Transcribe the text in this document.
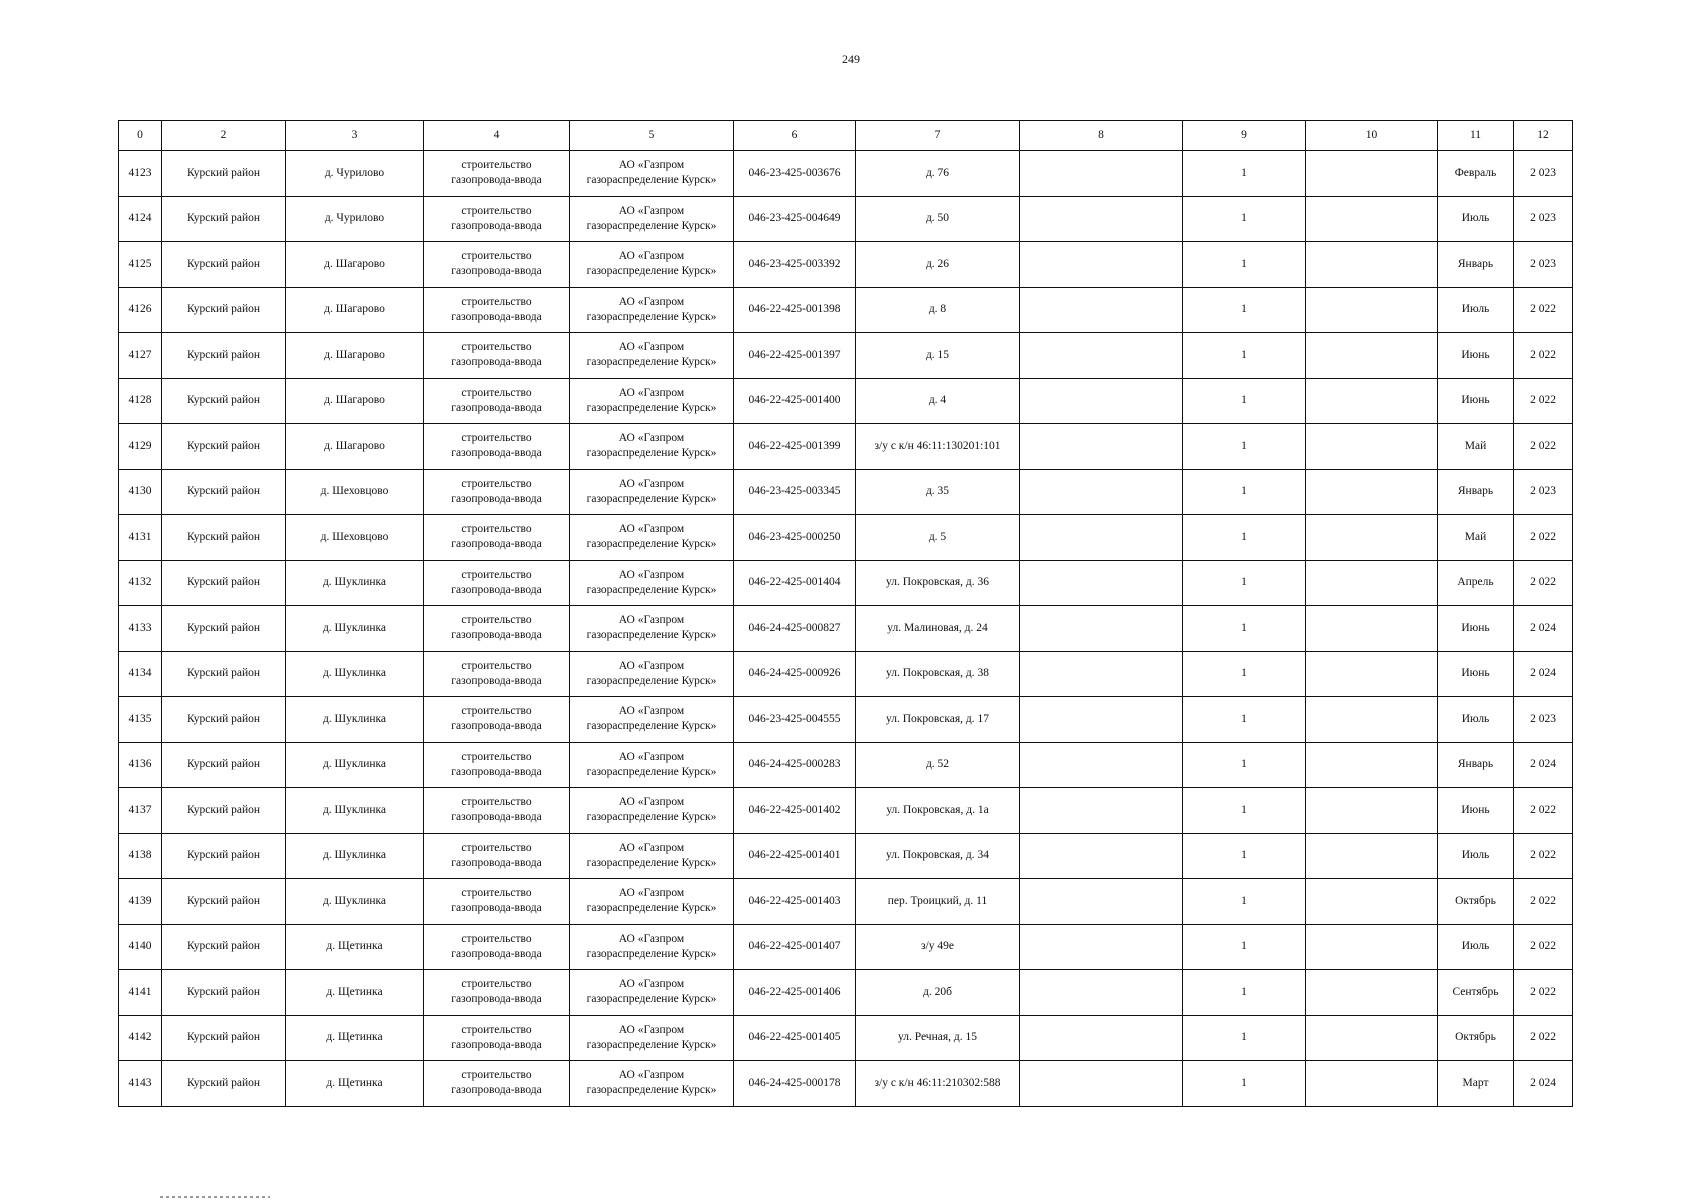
249
0	2	3	4	5	6	7	8	9	10	11	12
4123	Курский район	д. Чурилово	строительство
газопровода-ввода	АО «Газпром
газораспределение Курск»	046-23-425-003676	д. 76		1		Февраль	2 023
4124	Курский район	д. Чурилово	строительство
газопровода-ввода	АО «Газпром
газораспределение Курск»	046-23-425-004649	д. 50		1		Июль	2 023
4125	Курский район	д. Шагарово	строительство
газопровода-ввода	АО «Газпром
газораспределение Курск»	046-23-425-003392	д. 26		1		Январь	2 023
4126	Курский район	д. Шагарово	строительство
газопровода-ввода	АО «Газпром
газораспределение Курск»	046-22-425-001398	д. 8		1		Июль	2 022
4127	Курский район	д. Шагарово	строительство
газопровода-ввода	АО «Газпром
газораспределение Курск»	046-22-425-001397	д. 15		1		Июнь	2 022
4128	Курский район	д. Шагарово	строительство
газопровода-ввода	АО «Газпром
газораспределение Курск»	046-22-425-001400	д. 4		1		Июнь	2 022
4129	Курский район	д. Шагарово	строительство
газопровода-ввода	АО «Газпром
газораспределение Курск»	046-22-425-001399	з/у с к/н 46:11:130201:101		1		Май	2 022
4130	Курский район	д. Шеховцово	строительство
газопровода-ввода	АО «Газпром
газораспределение Курск»	046-23-425-003345	д. 35		1		Январь	2 023
4131	Курский район	д. Шеховцово	строительство
газопровода-ввода	АО «Газпром
газораспределение Курск»	046-23-425-000250	д. 5		1		Май	2 022
4132	Курский район	д. Шуклинка	строительство
газопровода-ввода	АО «Газпром
газораспределение Курск»	046-22-425-001404	ул. Покровская, д. 36		1		Апрель	2 022
4133	Курский район	д. Шуклинка	строительство
газопровода-ввода	АО «Газпром
газораспределение Курск»	046-24-425-000827	ул. Малиновая, д. 24		1		Июнь	2 024
4134	Курский район	д. Шуклинка	строительство
газопровода-ввода	АО «Газпром
газораспределение Курск»	046-24-425-000926	ул. Покровская, д. 38		1		Июнь	2 024
4135	Курский район	д. Шуклинка	строительство
газопровода-ввода	АО «Газпром
газораспределение Курск»	046-23-425-004555	ул. Покровская, д. 17		1		Июль	2 023
4136	Курский район	д. Шуклинка	строительство
газопровода-ввода	АО «Газпром
газораспределение Курск»	046-24-425-000283	д. 52		1		Январь	2 024
4137	Курский район	д. Шуклинка	строительство
газопровода-ввода	АО «Газпром
газораспределение Курск»	046-22-425-001402	ул. Покровская, д. 1а		1		Июнь	2 022
4138	Курский район	д. Шуклинка	строительство
газопровода-ввода	АО «Газпром
газораспределение Курск»	046-22-425-001401	ул. Покровская, д. 34		1		Июль	2 022
4139	Курский район	д. Шуклинка	строительство
газопровода-ввода	АО «Газпром
газораспределение Курск»	046-22-425-001403	пер. Троицкий, д. 11		1		Октябрь	2 022
4140	Курский район	д. Щетинка	строительство
газопровода-ввода	АО «Газпром
газораспределение Курск»	046-22-425-001407	з/у 49е		1		Июль	2 022
4141	Курский район	д. Щетинка	строительство
газопровода-ввода	АО «Газпром
газораспределение Курск»	046-22-425-001406	д. 20б		1		Сентябрь	2 022
4142	Курский район	д. Щетинка	строительство
газопровода-ввода	АО «Газпром
газораспределение Курск»	046-22-425-001405	ул. Речная, д. 15		1		Октябрь	2 022
4143	Курский район	д. Щетинка	строительство
газопровода-ввода	АО «Газпром
газораспределение Курск»	046-24-425-000178	з/у с к/н 46:11:210302:588		1		Март	2 024
